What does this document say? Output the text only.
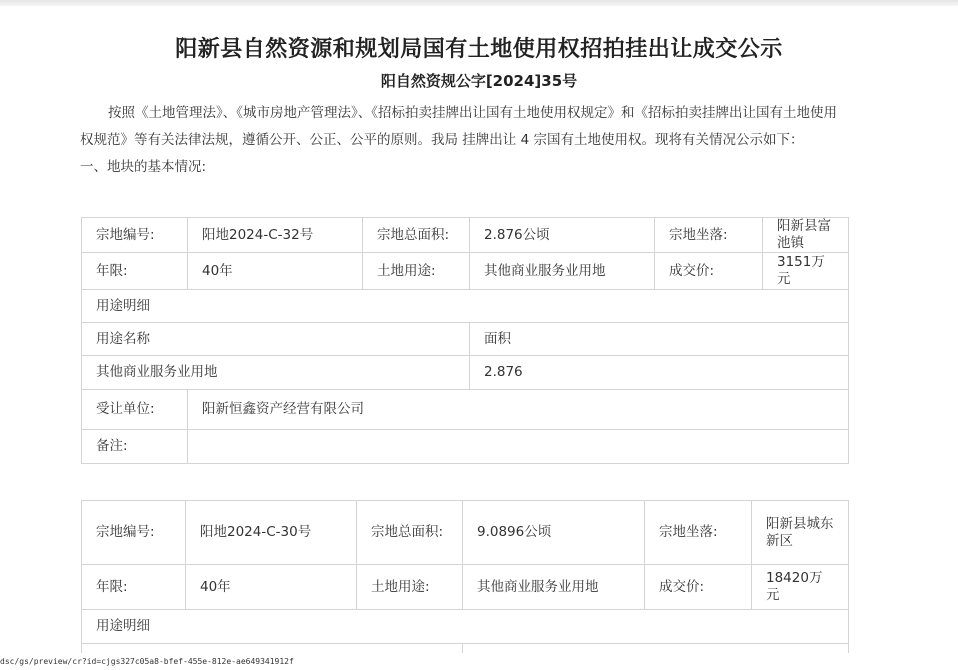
阳新县自然资源和规划局国有土地使用权招拍挂出让成交公示
阳自然资规公字[2024]35号

按照《土地管理法》、《城市房地产管理法》、《招标拍卖挂牌出让国有土地使用权规定》和《招标拍卖挂牌出让国有土地使用权规范》等有关法律法规，遵循公开、公正、公平的原则。我局 挂牌出让 4 宗国有土地使用权。现将有关情况公示如下：

一、地块的基本情况:

宗地编号:	阳地2024-C-32号	宗地总面积:	2.876公顷	宗地坐落:	阳新县富池镇
年限:	40年	土地用途:	其他商业服务业用地	成交价:	3151万元
用途明细					
用途名称			面积		
其他商业服务业用地			2.876		
受让单位:	阳新恒鑫资产经营有限公司				
备注:					
宗地编号:	阳地2024-C-30号	宗地总面积:	9.0896公顷	宗地坐落:	阳新县城东新区
年限:	40年	土地用途:	其他商业服务业用地	成交价:	18420万元
用途明细					

dsc/gs/preview/cr?id=cjgs327c05a8-bfef-455e-812e-ae649341912f
